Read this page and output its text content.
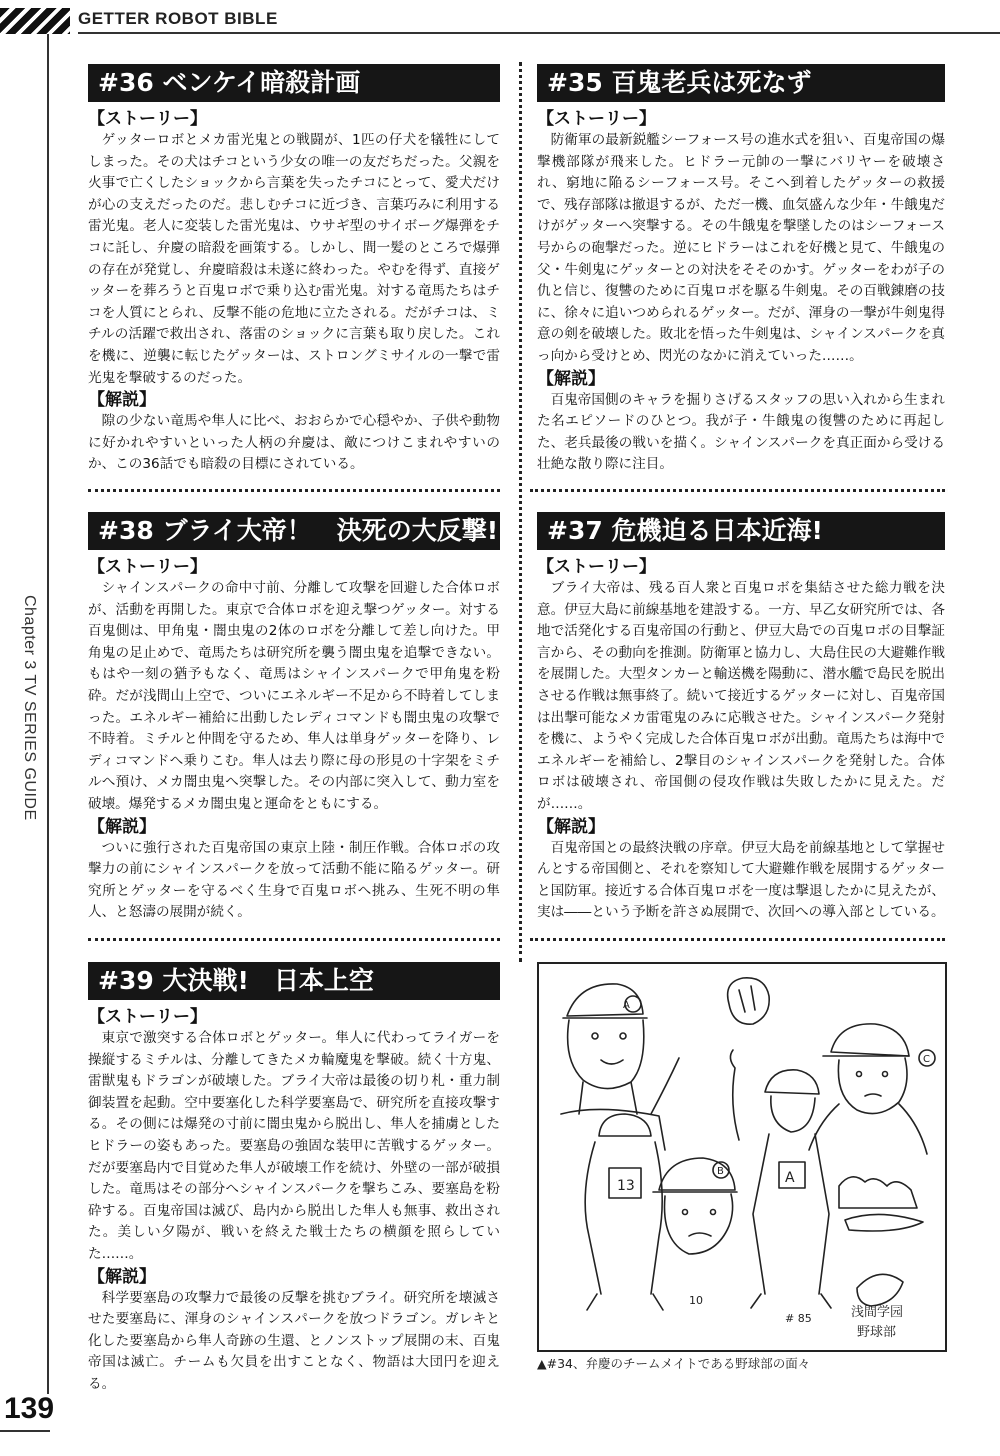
GETTER ROBOT BIBLE
Chapter 3 TV SERIES GUIDE
139
#36 ベンケイ暗殺計画
【ストーリー】

ゲッターロボとメカ雷光鬼との戦闘が、1匹の仔犬を犠牲にしてしまった。その犬はチコという少女の唯一の友だちだった。父親を火事で亡くしたショックから言葉を失ったチコにとって、愛犬だけが心の支えだったのだ。悲しむチコに近づき、言葉巧みに利用する雷光鬼。老人に変装した雷光鬼は、ウサギ型のサイボーグ爆弾をチコに託し、弁慶の暗殺を画策する。しかし、間一髪のところで爆弾の存在が発覚し、弁慶暗殺は未遂に終わった。やむを得ず、直接ゲッターを葬ろうと百鬼ロボで乗り込む雷光鬼。対する竜馬たちはチコを人質にとられ、反撃不能の危地に立たされる。だがチコは、ミチルの活躍で救出され、落雷のショックに言葉も取り戻した。これを機に、逆襲に転じたゲッターは、ストロングミサイルの一撃で雷光鬼を撃破するのだった。

【解説】

隙の少ない竜馬や隼人に比べ、おおらかで心穏やか、子供や動物に好かれやすいといった人柄の弁慶は、敵につけこまれやすいのか、この36話でも暗殺の目標にされている。

#35 百鬼老兵は死なず
【ストーリー】

防衛軍の最新鋭艦シーフォース号の進水式を狙い、百鬼帝国の爆撃機部隊が飛来した。ヒドラー元帥の一撃にバリヤーを破壊され、窮地に陥るシーフォース号。そこへ到着したゲッターの救援で、残存部隊は撤退するが、ただ一機、血気盛んな少年・牛餓鬼だけがゲッターへ突撃する。その牛餓鬼を撃墜したのはシーフォース号からの砲撃だった。逆にヒドラーはこれを好機と見て、牛餓鬼の父・牛剣鬼にゲッターとの対決をそそのかす。ゲッターをわが子の仇と信じ、復讐のために百鬼ロボを駆る牛剣鬼。その百戦錬磨の技に、徐々に追いつめられるゲッター。だが、渾身の一撃が牛剣鬼得意の剣を破壊した。敗北を悟った牛剣鬼は、シャインスパークを真っ向から受けとめ、閃光のなかに消えていった……。

【解説】

百鬼帝国側のキャラを掘りさげるスタッフの思い入れから生まれた名エピソードのひとつ。我が子・牛餓鬼の復讐のために再起した、老兵最後の戦いを描く。シャインスパークを真正面から受ける壮絶な散り際に注目。

#38 ブライ大帝！　決死の大反撃!
【ストーリー】

シャインスパークの命中寸前、分離して攻撃を回避した合体ロボが、活動を再開した。東京で合体ロボを迎え撃つゲッター。対する百鬼側は、甲角鬼・闇虫鬼の2体のロボを分離して差し向けた。甲角鬼の足止めで、竜馬たちは研究所を襲う闇虫鬼を追撃できない。もはや一刻の猶予もなく、竜馬はシャインスパークで甲角鬼を粉砕。だが浅間山上空で、ついにエネルギー不足から不時着してしまった。エネルギー補給に出動したレディコマンドも闇虫鬼の攻撃で不時着。ミチルと仲間を守るため、隼人は単身ゲッターを降り、レディコマンドへ乗りこむ。隼人は去り際に母の形見の十字架をミチルへ預け、メカ闇虫鬼へ突撃した。その内部に突入して、動力室を破壊。爆発するメカ闇虫鬼と運命をともにする。

【解説】

ついに強行された百鬼帝国の東京上陸・制圧作戦。合体ロボの攻撃力の前にシャインスパークを放って活動不能に陥るゲッター。研究所とゲッターを守るべく生身で百鬼ロボへ挑み、生死不明の隼人、と怒濤の展開が続く。

#37 危機迫る日本近海!
【ストーリー】

ブライ大帝は、残る百人衆と百鬼ロボを集結させた総力戦を決意。伊豆大島に前線基地を建設する。一方、早乙女研究所では、各地で活発化する百鬼帝国の行動と、伊豆大島での百鬼ロボの目撃証言から、その動向を推測。防衛軍と協力し、大島住民の大避難作戦を展開した。大型タンカーと輸送機を陽動に、潜水艦で島民を脱出させる作戦は無事終了。続いて接近するゲッターに対し、百鬼帝国は出撃可能なメカ雷電鬼のみに応戦させた。シャインスパーク発射を機に、ようやく完成した合体百鬼ロボが出動。竜馬たちは海中でエネルギーを補給し、2撃目のシャインスパークを発射した。合体ロボは破壊され、帝国側の侵攻作戦は失敗したかに見えた。だが……。

【解説】

百鬼帝国との最終決戦の序章。伊豆大島を前線基地として掌握せんとする帝国側と、それを察知して大避難作戦を展開するゲッターと国防軍。接近する合体百鬼ロボを一度は撃退したかに見えたが、実は――という予断を許さぬ展開で、次回への導入部としている。

#39 大決戦!　日本上空
【ストーリー】

東京で激突する合体ロボとゲッター。隼人に代わってライガーを操縦するミチルは、分離してきたメカ輪魔鬼を撃破。続く十方鬼、雷獣鬼もドラゴンが破壊した。ブライ大帝は最後の切り札・重力制御装置を起動。空中要塞化した科学要塞島で、研究所を直接攻撃する。その側には爆発の寸前に闇虫鬼から脱出し、隼人を捕虜としたヒドラーの姿もあった。要塞島の強固な装甲に苦戦するゲッター。だが要塞島内で目覚めた隼人が破壊工作を続け、外壁の一部が破損した。竜馬はその部分へシャインスパークを撃ちこみ、要塞島を粉砕する。百鬼帝国は滅び、島内から脱出した隼人も無事、救出された。美しい夕陽が、戦いを終えた戦士たちの横顔を照らしていた……。

【解説】

科学要塞島の攻撃力で最後の反撃を挑むブライ。研究所を壊滅させた要塞島に、渾身のシャインスパークを放つドラゴン。ガレキと化した要塞島から隼人奇跡の生還、とノンストップ展開の末、百鬼帝国は滅亡。チームも欠員を出すことなく、物語は大団円を迎える。

A
B
C
13	A
10
# 85	浅間学园
野球部
▲#34、弁慶のチームメイトである野球部の面々
